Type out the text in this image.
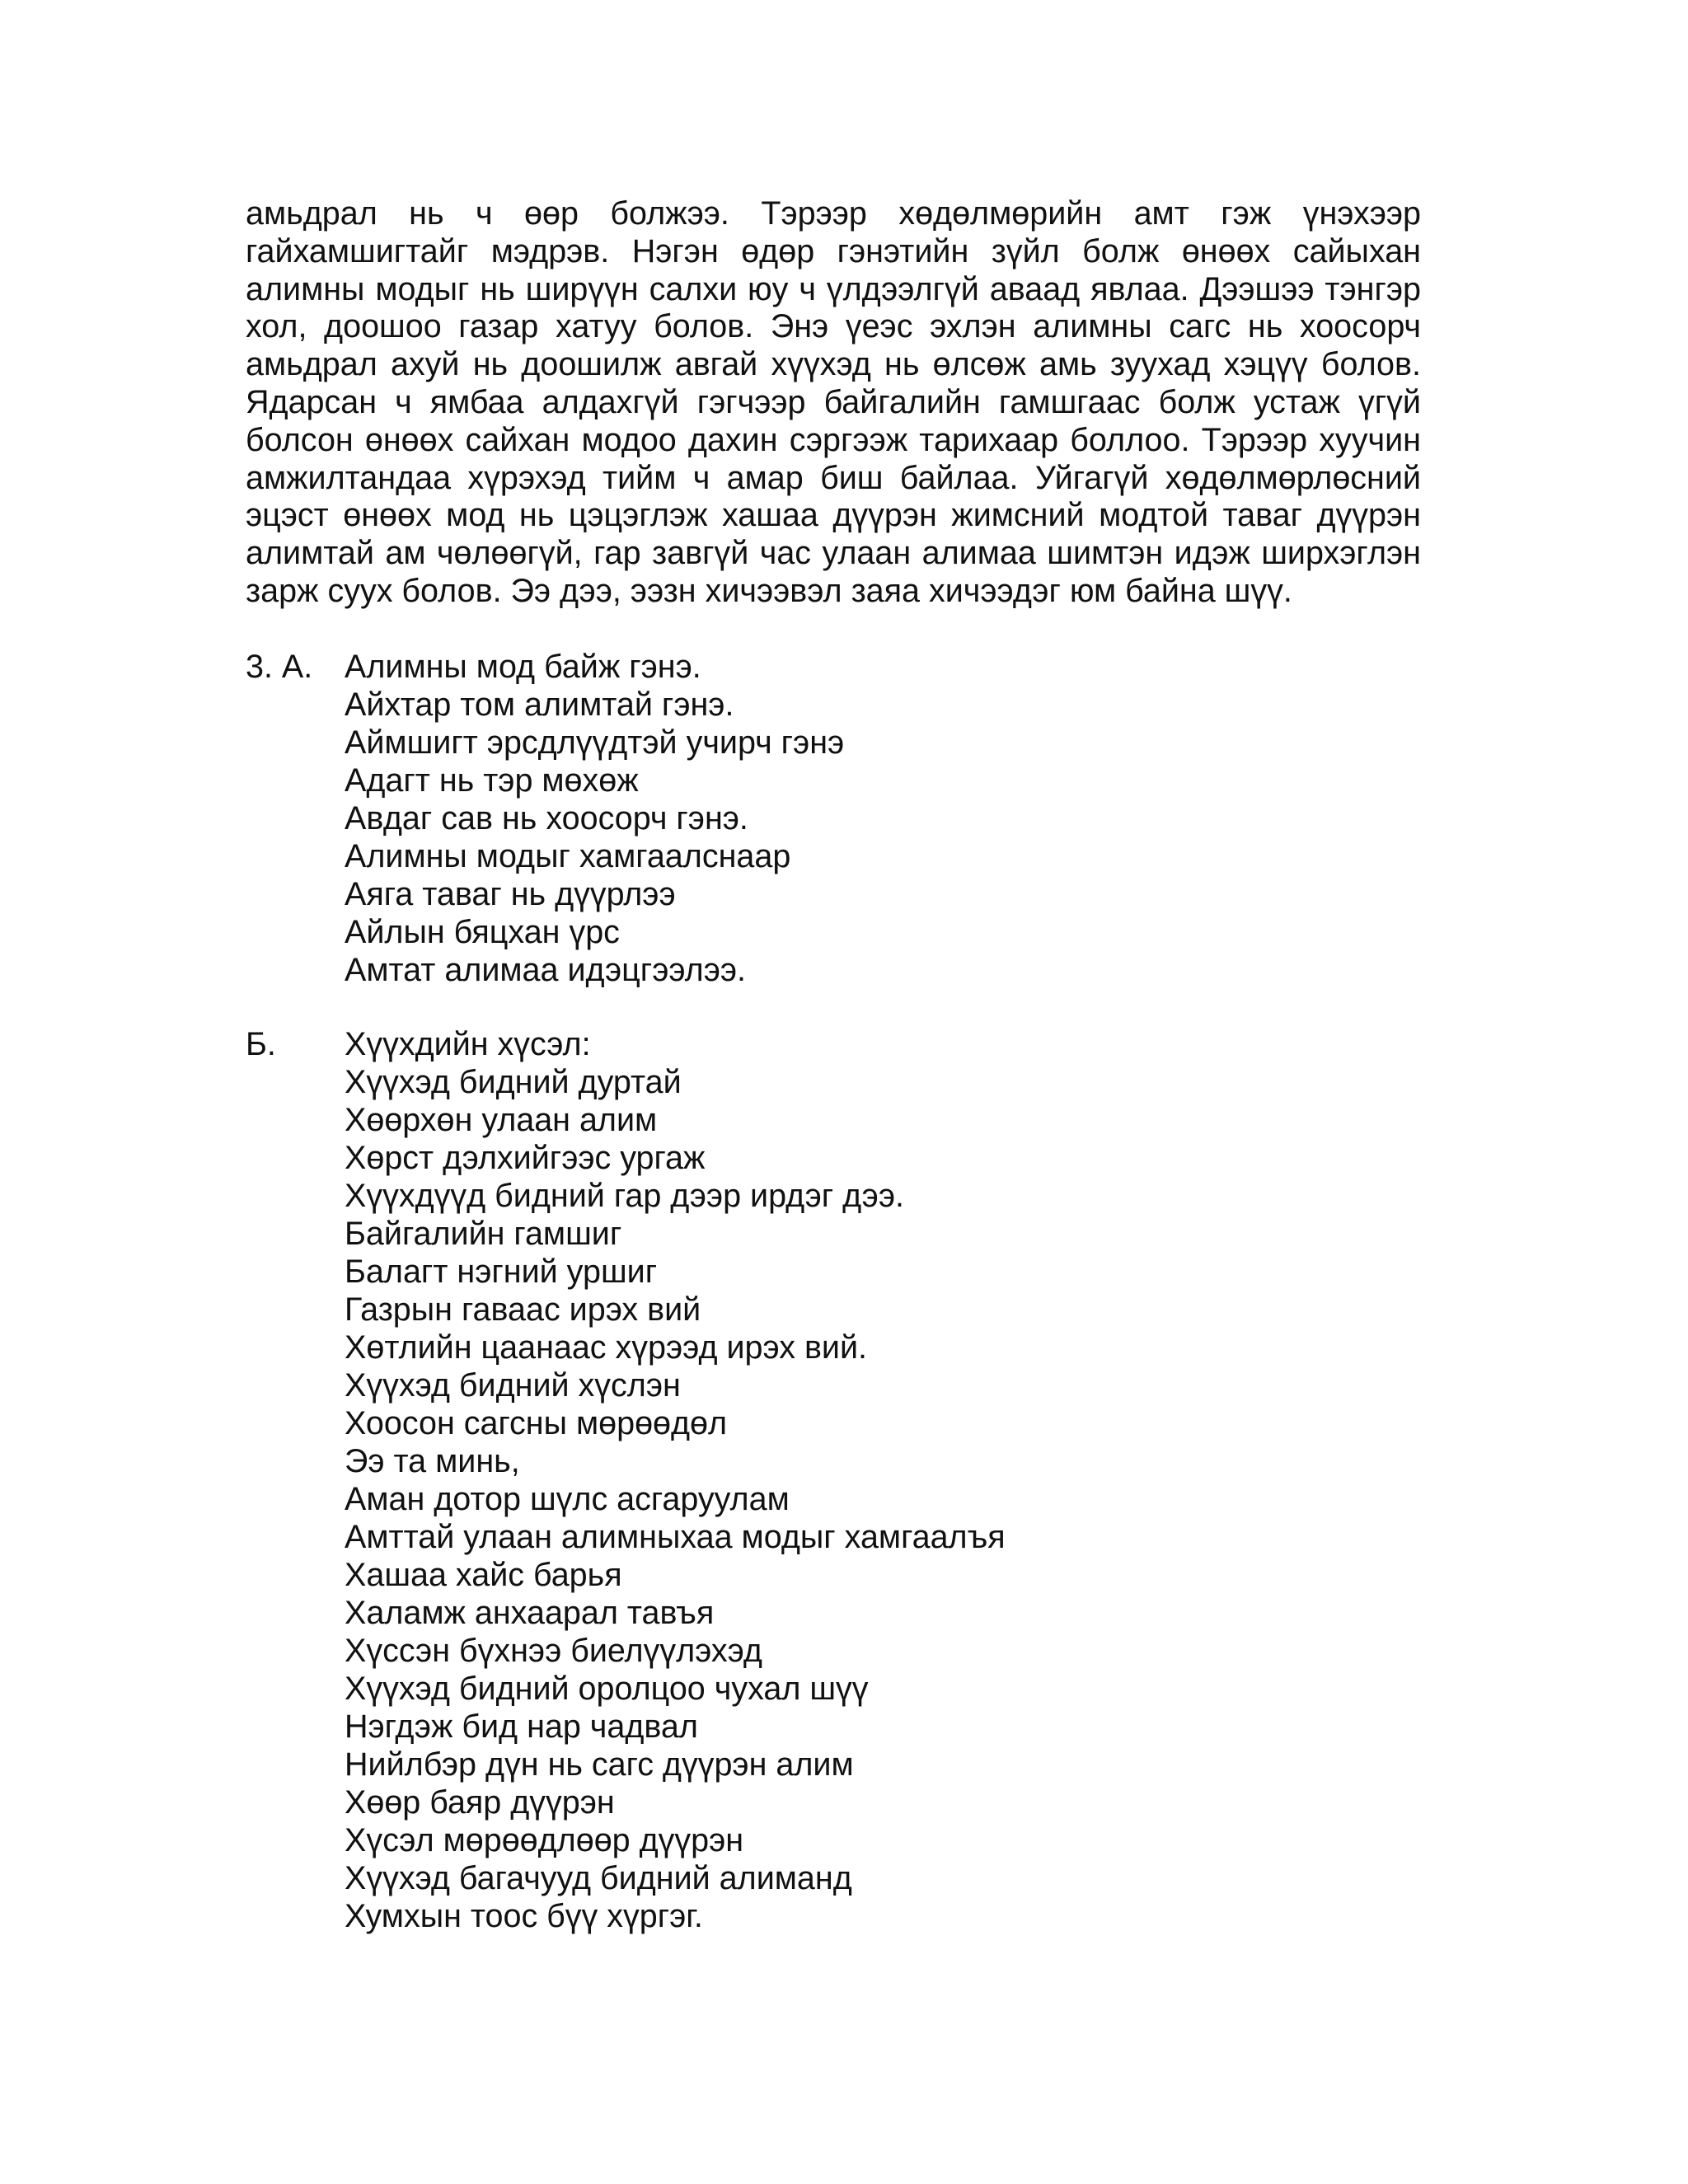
амьдрал нь ч өөр болжээ. Тэрээр хөдөлмөрийн амт гэж үнэхээр
гайхамшигтайг мэдрэв. Нэгэн өдөр гэнэтийн зүйл болж өнөөх сайыхан
алимны модыг нь ширүүн салхи юу ч үлдээлгүй аваад явлаа. Дээшээ тэнгэр
хол, доошоо газар хатуу болов. Энэ үеэс эхлэн алимны сагс нь хоосорч
амьдрал ахуй нь доошилж авгай хүүхэд нь өлсөж амь зуухад хэцүү болов.
Ядарсан ч ямбаа алдахгүй гэгчээр байгалийн гамшгаас болж устаж үгүй
болсон өнөөх сайхан модоо дахин сэргээж тарихаар боллоо. Тэрээр хуучин
амжилтандаа хүрэхэд тийм ч амар биш байлаа. Уйгагүй хөдөлмөрлөсний
эцэст өнөөх мод нь цэцэглэж хашаа дүүрэн жимсний модтой таваг дүүрэн
алимтай ам чөлөөгүй, гар завгүй час улаан алимаа шимтэн идэж ширхэглэн
зарж суух болов. Ээ дээ, ээзн хичээвэл заяа хичээдэг юм байна шүү.
3. А. Алимны мод байж гэнэ.
Айхтар том алимтай гэнэ.
Аймшигт эрсдлүүдтэй учирч гэнэ
Адагт нь тэр мөхөж
Авдаг сав нь хоосорч гэнэ.
Алимны модыг хамгаалснаар
Аяга таваг нь дүүрлээ
Айлын бяцхан үрс
Амтат алимаа идэцгээлээ.
Б. Хүүхдийн хүсэл:
Хүүхэд бидний дуртай
Хөөрхөн улаан алим
Хөрст дэлхийгээс ургаж
Хүүхдүүд бидний гар дээр ирдэг дээ.
Байгалийн гамшиг
Балагт нэгний уршиг
Газрын гаваас ирэх вий
Хөтлийн цаанаас хүрээд ирэх вий.
Хүүхэд бидний хүслэн
Хоосон сагсны мөрөөдөл
Ээ та минь,
Аман дотор шүлс асгаруулам
Амттай улаан алимныхаа модыг хамгаалъя
Хашаа хайс барья
Халамж анхаарал тавъя
Хүссэн бүхнээ биелүүлэхэд
Хүүхэд бидний оролцоо чухал шүү
Нэгдэж бид нар чадвал
Нийлбэр дүн нь сагс дүүрэн алим
Хөөр баяр дүүрэн
Хүсэл мөрөөдлөөр дүүрэн
Хүүхэд багачууд бидний алиманд
Хумхын тоос бүү хүргэг.
